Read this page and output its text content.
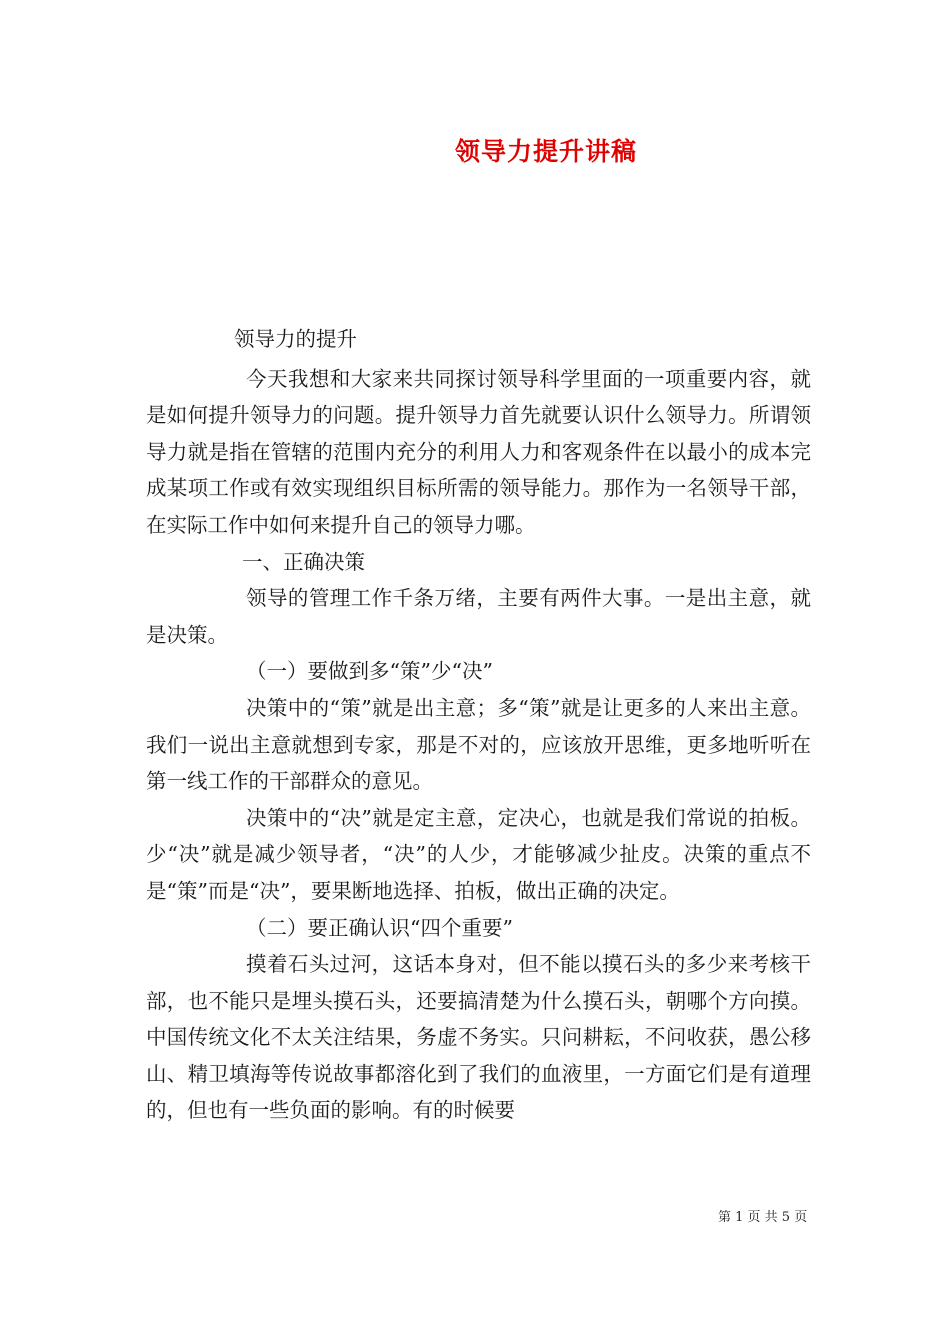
领导力提升讲稿

领导力的提升

今天我想和大家来共同探讨领导科学里面的一项重要内容，就是如何提升领导力的问题。提升领导力首先就要认识什么领导力。所谓领导力就是指在管辖的范围内充分的利用人力和客观条件在以最小的成本完成某项工作或有效实现组织目标所需的领导能力。那作为一名领导干部，在实际工作中如何来提升自己的领导力哪。

一、正确决策

领导的管理工作千条万绪，主要有两件大事。一是出主意，就是决策。

（一）要做到多“策”少“决”

决策中的“策”就是出主意；多“策”就是让更多的人来出主意。我们一说出主意就想到专家，那是不对的，应该放开思维，更多地听听在第一线工作的干部群众的意见。

决策中的“决”就是定主意，定决心，也就是我们常说的拍板。少“决”就是减少领导者，“决”的人少，才能够减少扯皮。决策的重点不是“策”而是“决”，要果断地选择、拍板，做出正确的决定。

（二）要正确认识“四个重要”

摸着石头过河，这话本身对，但不能以摸石头的多少来考核干部，也不能只是埋头摸石头，还要搞清楚为什么摸石头，朝哪个方向摸。中国传统文化不太关注结果，务虚不务实。只问耕耘，不问收获，愚公移山、精卫填海等传说故事都溶化到了我们的血液里，一方面它们是有道理的，但也有一些负面的影响。有的时候要

第 1 页 共 5 页
